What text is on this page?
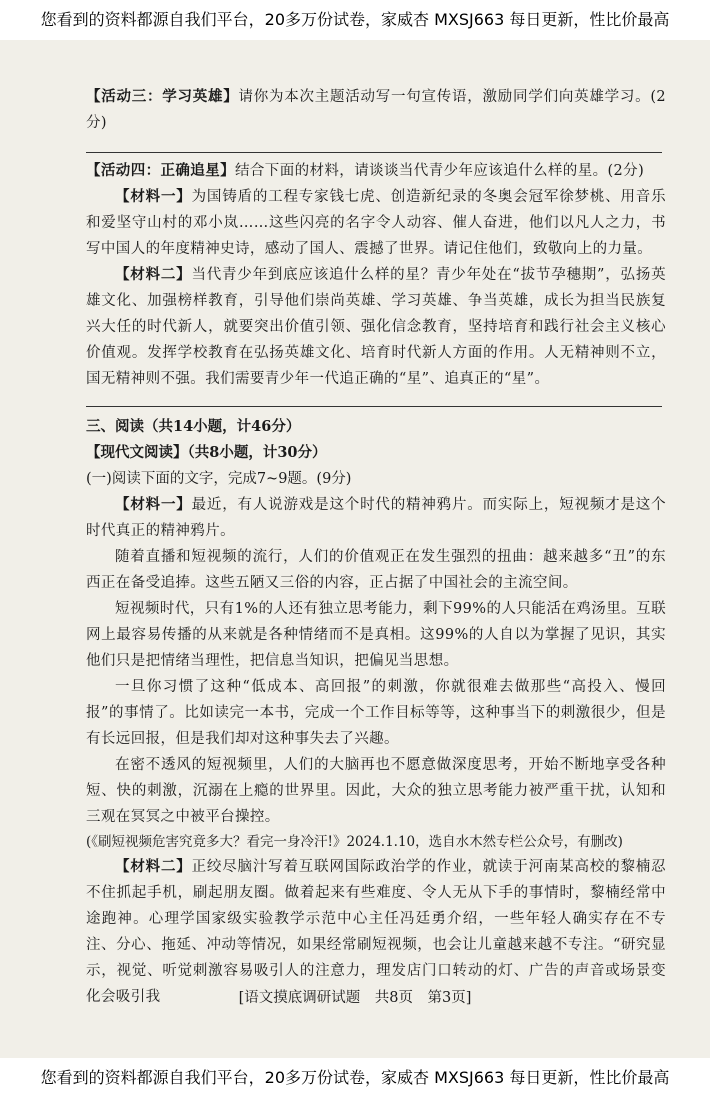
您看到的资料都源自我们平台，20多万份试卷，家威杏 MXSJ663 每日更新，性比价最高

【活动三：学习英雄】请你为本次主题活动写一句宣传语，激励同学们向英雄学习。(2分)

【活动四：正确追星】结合下面的材料，请谈谈当代青少年应该追什么样的星。(2分)

【材料一】为国铸盾的工程专家钱七虎、创造新纪录的冬奥会冠军徐梦桃、用音乐和爱坚守山村的邓小岚……这些闪亮的名字令人动容、催人奋进，他们以凡人之力，书写中国人的年度精神史诗，感动了国人、震撼了世界。请记住他们，致敬向上的力量。

【材料二】当代青少年到底应该追什么样的星？青少年处在“拔节孕穗期”，弘扬英雄文化、加强榜样教育，引导他们崇尚英雄、学习英雄、争当英雄，成长为担当民族复兴大任的时代新人，就要突出价值引领、强化信念教育，坚持培育和践行社会主义核心价值观。发挥学校教育在弘扬英雄文化、培育时代新人方面的作用。人无精神则不立，国无精神则不强。我们需要青少年一代追正确的“星”、追真正的“星”。

三、阅读（共14小题，计46分）

【现代文阅读】（共8小题，计30分）

(一)阅读下面的文字，完成7~9题。(9分)

【材料一】最近，有人说游戏是这个时代的精神鸦片。而实际上，短视频才是这个时代真正的精神鸦片。

随着直播和短视频的流行，人们的价值观正在发生强烈的扭曲：越来越多“丑”的东西正在备受追捧。这些五陋又三俗的内容，正占据了中国社会的主流空间。

短视频时代，只有1%的人还有独立思考能力，剩下99%的人只能活在鸡汤里。互联网上最容易传播的从来就是各种情绪而不是真相。这99%的人自以为掌握了见识，其实他们只是把情绪当理性，把信息当知识，把偏见当思想。

一旦你习惯了这种“低成本、高回报”的刺激，你就很难去做那些“高投入、慢回报”的事情了。比如读完一本书，完成一个工作目标等等，这种事当下的刺激很少，但是有长远回报，但是我们却对这种事失去了兴趣。

在密不透风的短视频里，人们的大脑再也不愿意做深度思考，开始不断地享受各种短、快的刺激，沉溺在上瘾的世界里。因此，大众的独立思考能力被严重干扰，认知和三观在冥冥之中被平台操控。

(《刷短视频危害究竟多大？看完一身冷汗!》2024.1.10，选自水木然专栏公众号，有删改)

【材料二】正绞尽脑汁写着互联网国际政治学的作业，就读于河南某高校的黎楠忍不住抓起手机，刷起朋友圈。做着起来有些难度、令人无从下手的事情时，黎楠经常中途跑神。心理学国家级实验教学示范中心主任冯廷勇介绍，一些年轻人确实存在不专注、分心、拖延、冲动等情况，如果经常刷短视频，也会让儿童越来越不专注。“研究显示，视觉、听觉刺激容易吸引人的注意力，理发店门口转动的灯、广告的声音或场景变化会吸引我	[语文摸底调研试题　共8页　第3页]
您看到的资料都源自我们平台，20多万份试卷，家威杏 MXSJ663 每日更新，性比价最高
